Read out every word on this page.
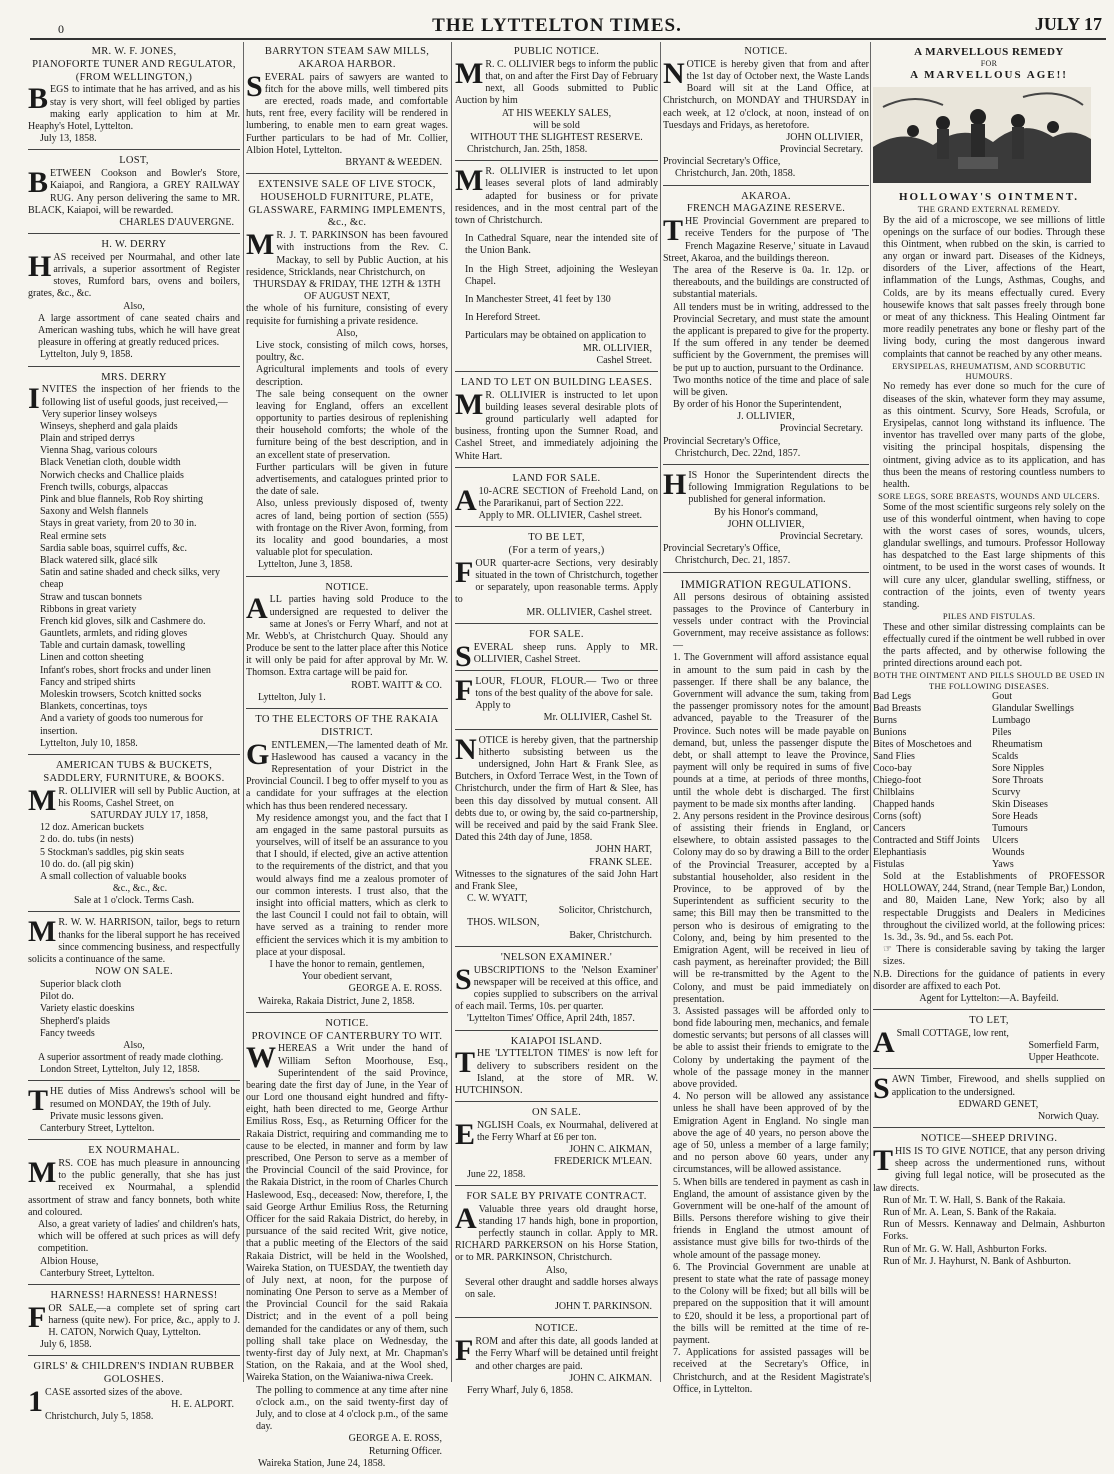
0	THE LYTTELTON TIMES.	JULY 17
MR. W. F. JONES,
PIANOFORTE TUNER AND REGULATOR, (FROM WELLINGTON,)

BEGS to intimate that he has arrived, and as his stay is very short, will feel obliged by parties making early application to him at Mr. Heaphy's Hotel, Lyttelton.

July 13, 1858.
LOST,

BETWEEN Cookson and Bowler's Store, Kaiapoi, and Rangiora, a GREY RAILWAY RUG. Any person delivering the same to MR. BLACK, Kaiapoi, will be rewarded.

CHARLES D'AUVERGNE.
H. W. DERRY

HAS received per Nourmahal, and other late arrivals, a superior assortment of Register stoves, Rumford bars, ovens and boilers, grates, &c., &c.

Also,

A large assortment of cane seated chairs and American washing tubs, which he will have great pleasure in offering at greatly reduced prices.

Lyttelton, July 9, 1858.
MRS. DERRY

INVITES the inspection of her friends to the following list of useful goods, just received,—

Very superior linsey wolseys
Winseys, shepherd and gala plaids
Plain and striped derrys
Vienna Shag, various colours
Black Venetian cloth, double width
Norwich checks and Challice plaids
French twills, coburgs, alpaccas
Pink and blue flannels, Rob Roy shirting
Saxony and Welsh flannels
Stays in great variety, from 20 to 30 in.
Real ermine sets
Sardia sable boas, squirrel cuffs, &c.
Black watered silk, glacé silk
Satin and satine shaded and check silks, very cheap
Straw and tuscan bonnets
Ribbons in great variety
French kid gloves, silk and Cashmere do.
Gauntlets, armlets, and riding gloves
Table and curtain damask, towelling
Linen and cotton sheeting
Infant's robes, short frocks and under linen
Fancy and striped shirts
Moleskin trowsers, Scotch knitted socks
Blankets, concertinas, toys
And a variety of goods too numerous for insertion.
Lyttelton, July 10, 1858.
AMERICAN TUBS & BUCKETS, SADDLERY, FURNITURE, & BOOKS.

M R. OLLIVIER will sell by Public Auction, at his Rooms, Cashel Street, on

SATURDAY JULY 17, 1858,
12 doz. American buckets
2 do. do. tubs (in nests)
5 Stockman's saddles, pig skin seats
10 do. do. (all pig skin)
A small collection of valuable books
&c., &c., &c.
Sale at 1 o'clock. Terms Cash.

M R. W. W. HARRISON, tailor, begs to return thanks for the liberal support he has received since commencing business, and respectfully solicits a continuance of the same.

NOW ON SALE.
Superior black cloth
Pilot do.
Variety elastic doeskins
Shepherd's plaids
Fancy tweeds
Also,

A superior assortment of ready made clothing.

London Street, Lyttelton, July 12, 1858.

THE duties of Miss Andrews's school will be resumed on MONDAY, the 19th of July.

Private music lessons given.
Canterbury Street, Lyttelton.
EX NOURMAHAL.

MRS. COE has much pleasure in announcing to the public generally, that she has just received ex Nourmahal, a splendid assortment of straw and fancy bonnets, both white and coloured.

Also, a great variety of ladies' and children's hats, which will be offered at such prices as will defy competition.

Albion House,
Canterbury Street, Lyttelton.
HARNESS! HARNESS! HARNESS!

FOR SALE,—a complete set of spring cart harness (quite new). For price, &c., apply to J. H. CATON, Norwich Quay, Lyttelton.

July 6, 1858.
GIRLS' & CHILDREN'S INDIAN RUBBER GOLOSHES.

1 CASE assorted sizes of the above.

H. E. ALPORT.
Christchurch, July 5, 1858.
BARRYTON STEAM SAW MILLS, AKAROA HARBOR.

SEVERAL pairs of sawyers are wanted to fitch for the above mills, well timbered pits are erected, roads made, and comfortable huts, rent free, every facility will be rendered in lumbering, to enable men to earn great wages. Further particulars to be had of Mr. Collier, Albion Hotel, Lyttelton.

BRYANT & WEEDEN.
EXTENSIVE SALE OF LIVE STOCK, HOUSEHOLD FURNITURE, PLATE, GLASSWARE, FARMING IMPLEMENTS, &c., &c.

M R. J. T. PARKINSON has been favoured with instructions from the Rev. C. Mackay, to sell by Public Auction, at his residence, Stricklands, near Christchurch, on

THURSDAY & FRIDAY, THE 12TH & 13TH OF AUGUST NEXT,

the whole of his furniture, consisting of every requisite for furnishing a private residence.

Also,

Live stock, consisting of milch cows, horses, poultry, &c.

Agricultural implements and tools of every description.

The sale being consequent on the owner leaving for England, offers an excellent opportunity to parties desirous of replenishing their household comforts; the whole of the furniture being of the best description, and in an excellent state of preservation.

Further particulars will be given in future advertisements, and catalogues printed prior to the date of sale.

Also, unless previously disposed of, twenty acres of land, being portion of section (555) with frontage on the River Avon, forming, from its locality and good boundaries, a most valuable plot for speculation.

Lyttelton, June 3, 1858.
NOTICE.

ALL parties having sold Produce to the undersigned are requested to deliver the same at Jones's or Ferry Wharf, and not at Mr. Webb's, at Christchurch Quay. Should any Produce be sent to the latter place after this Notice it will only be paid for after approval by Mr. W. Thomson. Extra cartage will be paid for.

ROBT. WAITT & CO.
Lyttelton, July 1.
TO THE ELECTORS OF THE RAKAIA DISTRICT.

GENTLEMEN,—The lamented death of Mr. Haslewood has caused a vacancy in the Representation of your District in the Provincial Council. I beg to offer myself to you as a candidate for your suffrages at the election which has thus been rendered necessary.

My residence amongst you, and the fact that I am engaged in the same pastoral pursuits as yourselves, will of itself be an assurance to you that I should, if elected, give an active attention to the requirements of the district, and that you would always find me a zealous promoter of our common interests. I trust also, that the insight into official matters, which as clerk to the last Council I could not fail to obtain, will have served as a training to render more efficient the services which it is my ambition to place at your disposal.

I have the honor to remain, gentlemen,
Your obedient servant,
GEORGE A. E. ROSS.
Waireka, Rakaia District, June 2, 1858.
NOTICE.
PROVINCE OF CANTERBURY TO WIT.

WHEREAS a Writ under the hand of William Sefton Moorhouse, Esq., Superintendent of the said Province, bearing date the first day of June, in the Year of our Lord one thousand eight hundred and fifty-eight, hath been directed to me, George Arthur Emilius Ross, Esq., as Returning Officer for the Rakaia District, requiring and commanding me to cause to be elected, in manner and form by law prescribed, One Person to serve as a member of the Provincial Council of the said Province, for the Rakaia District, in the room of Charles Church Haslewood, Esq., deceased: Now, therefore, I, the said George Arthur Emilius Ross, the Returning Officer for the said Rakaia District, do hereby, in pursuance of the said recited Writ, give notice, that a public meeting of the Electors of the said Rakaia District, will be held in the Woolshed, Waireka Station, on TUESDAY, the twentieth day of July next, at noon, for the purpose of nominating One Person to serve as a Member of the Provincial Council for the said Rakaia District; and in the event of a poll being demanded for the candidates or any of them, such polling shall take place on Wednesday, the twenty-first day of July next, at Mr. Chapman's Station, on the Rakaia, and at the Wool shed, Waireka Station, on the Waianiwa-niwa Creek.

The polling to commence at any time after nine o'clock a.m., on the said twenty-first day of July, and to close at 4 o'clock p.m., of the same day.

GEORGE A. E. ROSS,
Returning Officer.
Waireka Station, June 24, 1858.
PUBLIC NOTICE.

M R. C. OLLIVIER begs to inform the public that, on and after the First Day of February next, all Goods submitted to Public Auction by him

AT HIS WEEKLY SALES,
will be sold
WITHOUT THE SLIGHTEST RESERVE.
Christchurch, Jan. 25th, 1858.

M R. OLLIVIER is instructed to let upon leases several plots of land admirably adapted for business or for private residences, and in the most central part of the town of Christchurch.

In Cathedral Square, near the intended site of the Union Bank.

In the High Street, adjoining the Wesleyan Chapel.

In Manchester Street, 41 feet by 130

In Hereford Street.

Particulars may be obtained on application to

MR. OLLIVIER,
Cashel Street.
LAND TO LET ON BUILDING LEASES.

M R. OLLIVIER is instructed to let upon building leases several desirable plots of ground particularly well adapted for business, fronting upon the Sumner Road, and Cashel Street, and immediately adjoining the White Hart.

LAND FOR SALE.

A 10-ACRE SECTION of Freehold Land, on the Pararikanui, part of Section 222.

Apply to MR. OLLIVIER, Cashel street.
TO BE LET,
(For a term of years,)

FOUR quarter-acre Sections, very desirably situated in the town of Christchurch, together or separately, upon reasonable terms. Apply to

MR. OLLIVIER, Cashel street.
FOR SALE.

SEVERAL sheep runs. Apply to MR. OLLIVIER, Cashel Street.

FLOUR, FLOUR, FLOUR.— Two or three tons of the best quality of the above for sale.

Apply to
Mr. OLLIVIER, Cashel St.

NOTICE is hereby given, that the partnership hitherto subsisting between us the undersigned, John Hart & Frank Slee, as Butchers, in Oxford Terrace West, in the Town of Christchurch, under the firm of Hart & Slee, has been this day dissolved by mutual consent. All debts due to, or owing by, the said co-partnership, will be received and paid by the said Frank Slee. Dated this 24th day of June, 1858.

JOHN HART,
FRANK SLEE.

Witnesses to the signatures of the said John Hart and Frank Slee,

C. W. WYATT,
Solicitor, Christchurch,
THOS. WILSON,
Baker, Christchurch.
'NELSON EXAMINER.'

SUBSCRIPTIONS to the 'Nelson Examiner' newspaper will be received at this office, and copies supplied to subscribers on the arrival of each mail. Terms, 10s. per quarter.

'Lyttelton Times' Office, April 24th, 1857.
KAIAPOI ISLAND.

THE 'LYTTELTON TIMES' is now left for delivery to subscribers resident on the Island, at the store of MR. W. HUTCHINSON.

ON SALE.

ENGLISH Coals, ex Nourmahal, delivered at the Ferry Wharf at £6 per ton.

JOHN C. AIKMAN,
FREDERICK M'LEAN.
June 22, 1858.
FOR SALE BY PRIVATE CONTRACT.

A Valuable three years old draught horse, standing 17 hands high, bone in proportion, perfectly staunch in collar. Apply to MR. RICHARD PARKERSON on his Horse Station, or to MR. PARKINSON, Christchurch.

Also,

Several other draught and saddle horses always on sale.

JOHN T. PARKINSON.
NOTICE.

FROM and after this date, all goods landed at the Ferry Wharf will be detained until freight and other charges are paid.

JOHN C. AIKMAN.
Ferry Wharf, July 6, 1858.
NOTICE.

NOTICE is hereby given that from and after the 1st day of October next, the Waste Lands Board will sit at the Land Office, at Christchurch, on MONDAY and THURSDAY in each week, at 12 o'clock, at noon, instead of on Tuesdays and Fridays, as heretofore.

JOHN OLLIVIER,
Provincial Secretary.
Provincial Secretary's Office,
Christchurch, Jan. 20th, 1858.
AKAROA.
FRENCH MAGAZINE RESERVE.

THE Provincial Government are prepared to receive Tenders for the purpose of 'The French Magazine Reserve,' situate in Lavaud Street, Akaroa, and the buildings thereon.

The area of the Reserve is 0a. 1r. 12p. or thereabouts, and the buildings are constructed of substantial materials.

All tenders must be in writing, addressed to the Provincial Secretary, and must state the amount the applicant is prepared to give for the property. If the sum offered in any tender be deemed sufficient by the Government, the premises will be put up to auction, pursuant to the Ordinance.

Two months notice of the time and place of sale will be given.

By order of his Honor the Superintendent,

J. OLLIVIER,
Provincial Secretary.
Provincial Secretary's Office,
Christchurch, Dec. 22nd, 1857.

HIS Honor the Superintendent directs the following Immigration Regulations to be published for general information.

By his Honor's command,
JOHN OLLIVIER,
Provincial Secretary.
Provincial Secretary's Office,
Christchurch, Dec. 21, 1857.
IMMIGRATION REGULATIONS.

All persons desirous of obtaining assisted passages to the Province of Canterbury in vessels under contract with the Provincial Government, may receive assistance as follows:—

1. The Government will afford assistance equal in amount to the sum paid in cash by the passenger. If there shall be any balance, the Government will advance the sum, taking from the passenger promissory notes for the amount advanced, payable to the Treasurer of the Province. Such notes will be made payable on demand, but, unless the passenger dispute the debt, or shall attempt to leave the Province, payment will only be required in sums of five pounds at a time, at periods of three months, until the whole debt is discharged. The first payment to be made six months after landing.

2. Any persons resident in the Province desirous of assisting their friends in England, or elsewhere, to obtain assisted passages to the Colony may do so by drawing a Bill to the order of the Provincial Treasurer, accepted by a substantial householder, also resident in the Province, to be approved of by the Superintendent as sufficient security to the same; this Bill may then be transmitted to the person who is desirous of emigrating to the Colony, and, being by him presented to the Emigration Agent, will be received in lieu of cash payment, as hereinafter provided; the Bill will be re-transmitted by the Agent to the Colony, and must be paid immediately on presentation.

3. Assisted passages will be afforded only to bond fide labouring men, mechanics, and female domestic servants; but persons of all classes will be able to assist their friends to emigrate to the Colony by undertaking the payment of the whole of the passage money in the manner above provided.

4. No person will be allowed any assistance unless he shall have been approved of by the Emigration Agent in England. No single man above the age of 40 years, no person above the age of 50, unless a member of a large family; and no person above 60 years, under any circumstances, will be allowed assistance.

5. When bills are tendered in payment as cash in England, the amount of assistance given by the Government will be one-half of the amount of Bills. Persons therefore wishing to give their friends in England the utmost amount of assistance must give bills for two-thirds of the whole amount of the passage money.

6. The Provincial Government are unable at present to state what the rate of passage money to the Colony will be fixed; but all bills will be prepared on the supposition that it will amount to £20, should it be less, a proportional part of the bills will be remitted at the time of re-payment.

7. Applications for assisted passages will be received at the Secretary's Office, in Christchurch, and at the Resident Magistrate's Office, in Lyttelton.

A MARVELLOUS REMEDY
FOR
A MARVELLOUS AGE!!
HOLLOWAY'S OINTMENT.
THE GRAND EXTERNAL REMEDY.

By the aid of a microscope, we see millions of little openings on the surface of our bodies. Through these this Ointment, when rubbed on the skin, is carried to any organ or inward part. Diseases of the Kidneys, disorders of the Liver, affections of the Heart, inflammation of the Lungs, Asthmas, Coughs, and Colds, are by its means effectually cured. Every housewife knows that salt passes freely through bone or meat of any thickness. This Healing Ointment far more readily penetrates any bone or fleshy part of the living body, curing the most dangerous inward complaints that cannot be reached by any other means.

ERYSIPELAS, RHEUMATISM, AND SCORBUTIC HUMOURS.

No remedy has ever done so much for the cure of diseases of the skin, whatever form they may assume, as this ointment. Scurvy, Sore Heads, Scrofula, or Erysipelas, cannot long withstand its influence. The inventor has travelled over many parts of the globe, visiting the principal hospitals, dispensing the ointment, giving advice as to its application, and has thus been the means of restoring countless numbers to health.

SORE LEGS, SORE BREASTS, WOUNDS AND ULCERS.

Some of the most scientific surgeons rely solely on the use of this wonderful ointment, when having to cope with the worst cases of sores, wounds, ulcers, glandular swellings, and tumours. Professor Holloway has despatched to the East large shipments of this ointment, to be used in the worst cases of wounds. It will cure any ulcer, glandular swelling, stiffness, or contraction of the joints, even of twenty years standing.

PILES AND FISTULAS.

These and other similar distressing complaints can be effectually cured if the ointment be well rubbed in over the parts affected, and by otherwise following the printed directions around each pot.

BOTH THE OINTMENT AND PILLS SHOULD BE USED IN THE FOLLOWING DISEASES.
Bad Legs
Bad Breasts
Burns
Bunions
Bites of Moschetoes and Sand Flies
Coco-bay
Chiego-foot
Chilblains
Chapped hands
Corns (soft)
Cancers
Contracted and Stiff Joints
Elephantiasis
Fistulas
Gout
Glandular Swellings
Lumbago
Piles
Rheumatism
Scalds
Sore Nipples
Sore Throats
Scurvy
Skin Diseases
Sore Heads
Tumours
Ulcers
Wounds
Yaws

Sold at the Establishments of PROFESSOR HOLLOWAY, 244, Strand, (near Temple Bar,) London, and 80, Maiden Lane, New York; also by all respectable Druggists and Dealers in Medicines throughout the civilized world, at the following prices: 1s. 3d., 3s. 9d., and 5s. each Pot.

☞ There is considerable saving by taking the larger sizes.

N.B. Directions for the guidance of patients in every disorder are affixed to each Pot.

Agent for Lyttelton:—A. Bayfeild.
TO LET,

A Small COTTAGE, low rent,

Somerfield Farm,
Upper Heathcote.

SAWN Timber, Firewood, and shells supplied on application to the undersigned.

EDWARD GENET,
Norwich Quay.
NOTICE—SHEEP DRIVING.

THIS IS TO GIVE NOTICE, that any person driving sheep across the undermentioned runs, without giving full legal notice, will be prosecuted as the law directs.

Run of Mr. T. W. Hall, S. Bank of the Rakaia.

Run of Mr. A. Lean, S. Bank of the Rakaia.

Run of Messrs. Kennaway and Delmain, Ashburton Forks.

Run of Mr. G. W. Hall, Ashburton Forks.

Run of Mr. J. Hayhurst, N. Bank of Ashburton.
